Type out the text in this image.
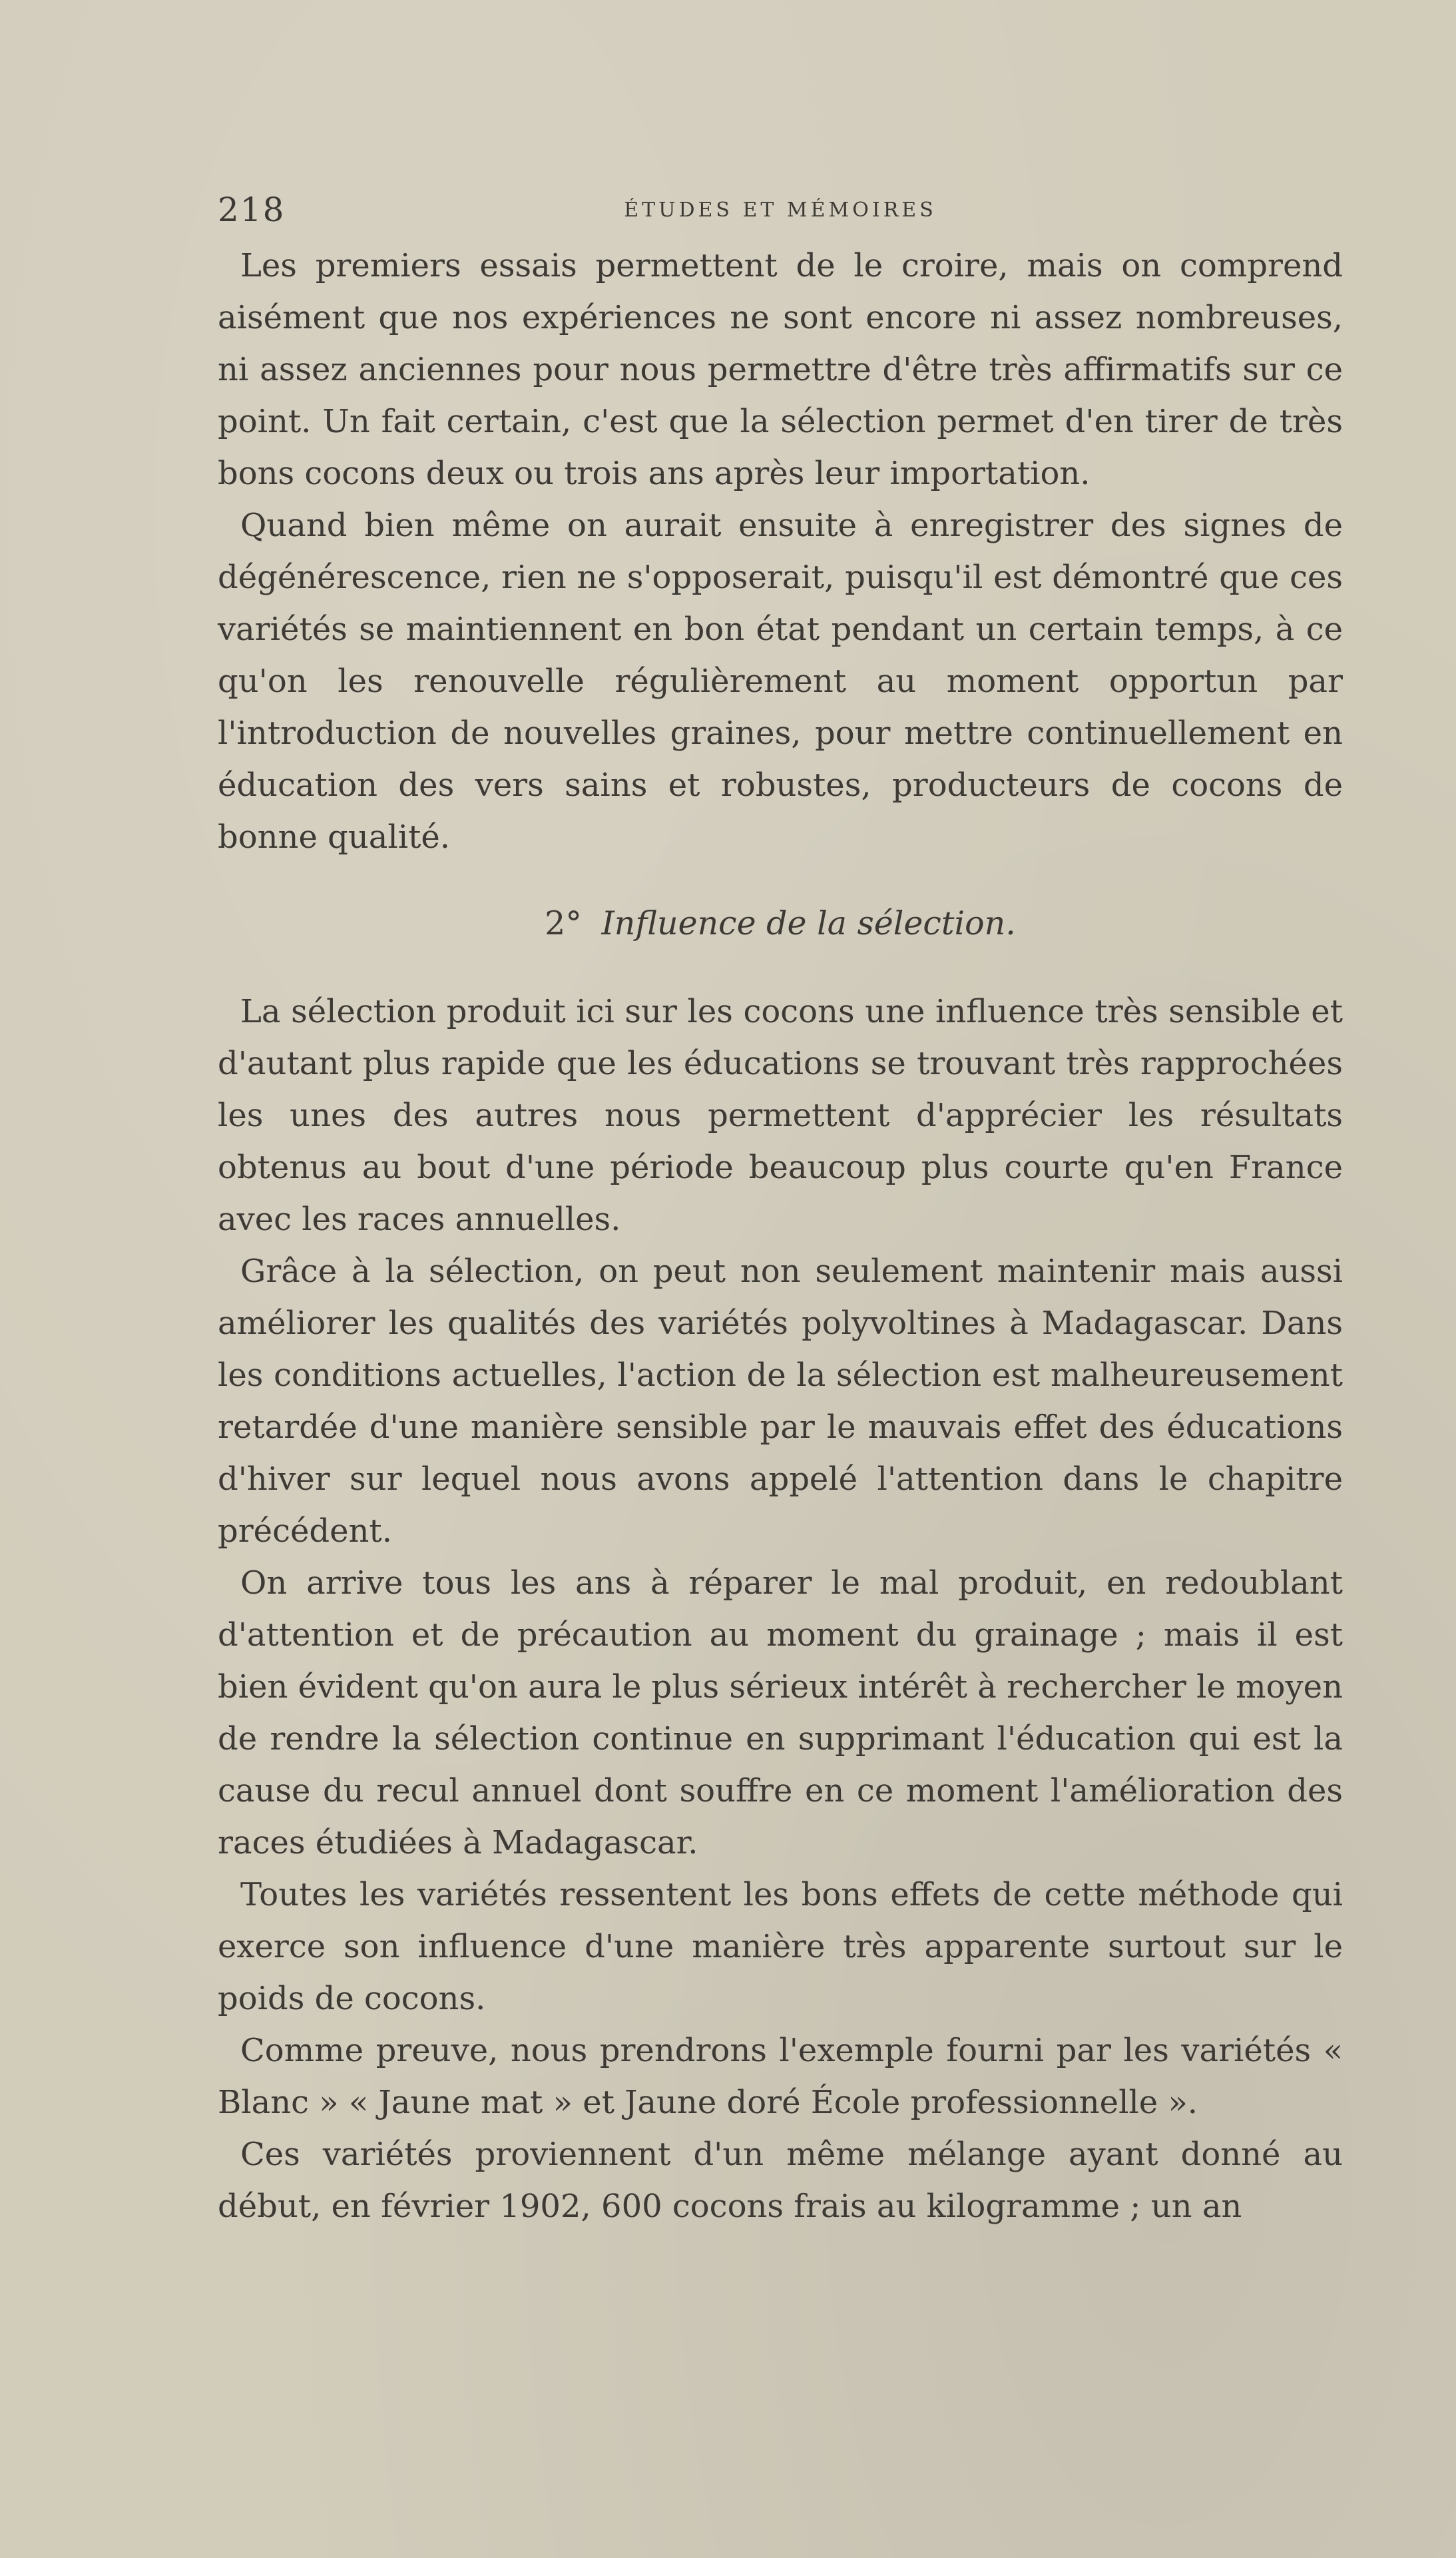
218	ÉTUDES ET MÉMOIRES

Les premiers essais permettent de le croire, mais on comprend aisément que nos expériences ne sont encore ni assez nombreuses, ni assez anciennes pour nous permettre d'être très affirmatifs sur ce point. Un fait certain, c'est que la sélection permet d'en tirer de très bons cocons deux ou trois ans après leur importation.

Quand bien même on aurait ensuite à enregistrer des signes de dégénérescence, rien ne s'opposerait, puisqu'il est démontré que ces variétés se maintiennent en bon état pendant un certain temps, à ce qu'on les renouvelle régulièrement au moment opportun par l'introduction de nouvelles graines, pour mettre continuellement en éducation des vers sains et robustes, producteurs de cocons de bonne qualité.

2° Influence de la sélection.

La sélection produit ici sur les cocons une influence très sensible et d'autant plus rapide que les éducations se trouvant très rapprochées les unes des autres nous permettent d'apprécier les résultats obtenus au bout d'une période beaucoup plus courte qu'en France avec les races annuelles.

Grâce à la sélection, on peut non seulement maintenir mais aussi améliorer les qualités des variétés polyvoltines à Madagascar. Dans les conditions actuelles, l'action de la sélection est malheureusement retardée d'une manière sensible par le mauvais effet des éducations d'hiver sur lequel nous avons appelé l'attention dans le chapitre précédent.

On arrive tous les ans à réparer le mal produit, en redoublant d'attention et de précaution au moment du grainage ; mais il est bien évident qu'on aura le plus sérieux intérêt à rechercher le moyen de rendre la sélection continue en supprimant l'éducation qui est la cause du recul annuel dont souffre en ce moment l'amélioration des races étudiées à Madagascar.

Toutes les variétés ressentent les bons effets de cette méthode qui exerce son influence d'une manière très apparente surtout sur le poids de cocons.

Comme preuve, nous prendrons l'exemple fourni par les variétés « Blanc » « Jaune mat » et Jaune doré École professionnelle ».

Ces variétés proviennent d'un même mélange ayant donné au début, en février 1902, 600 cocons frais au kilogramme ; un an
